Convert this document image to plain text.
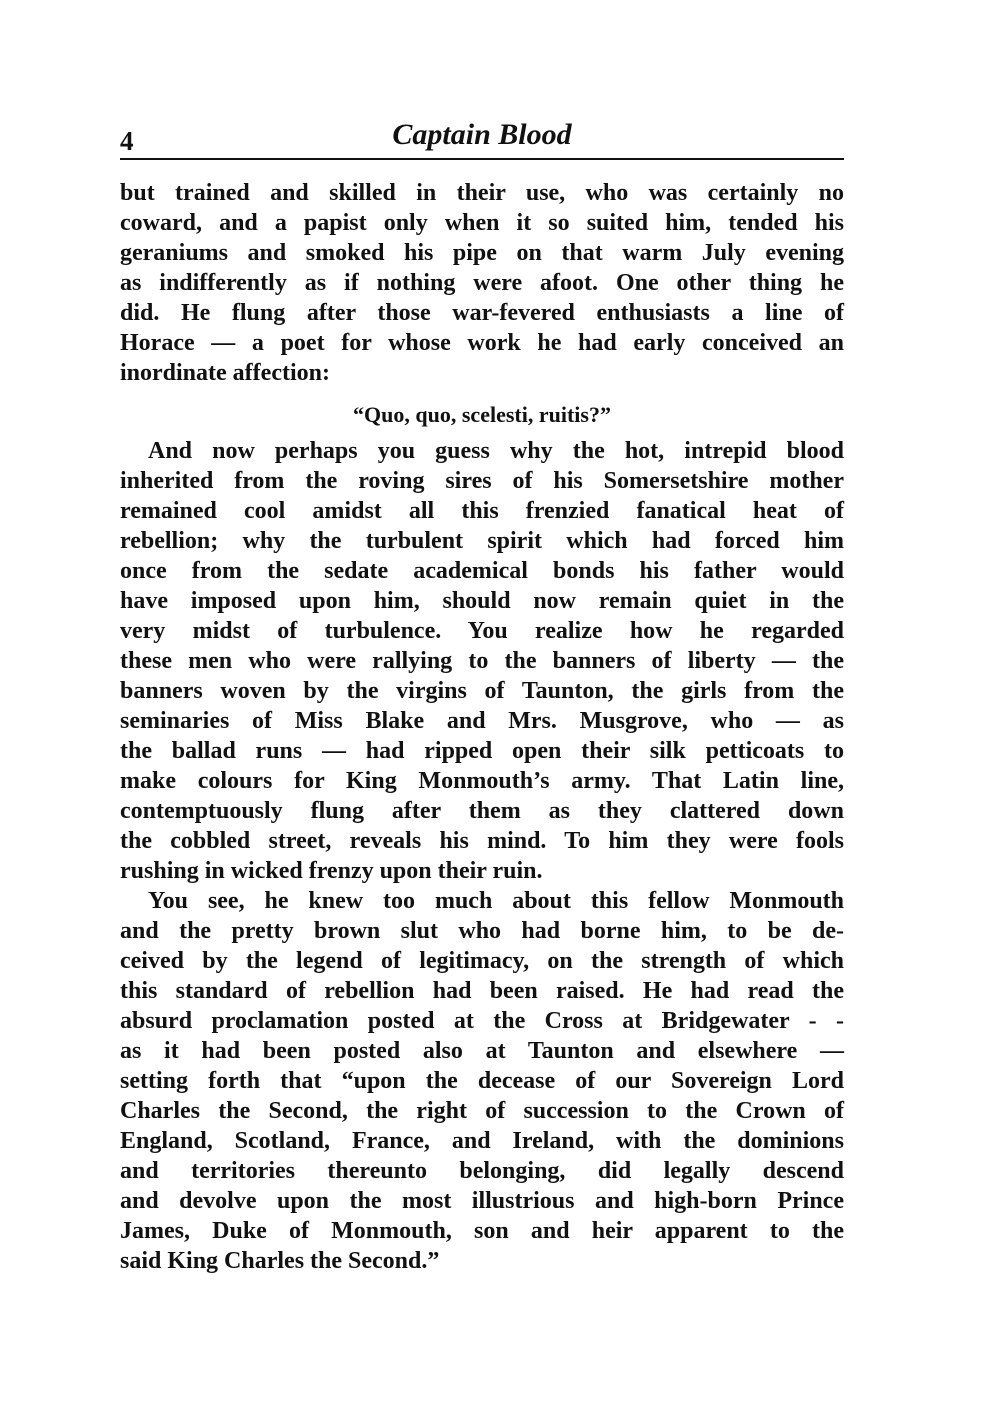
4	Captain Blood
but trained and skilled in their use, who was certainly no
coward, and a papist only when it so suited him, tended his
geraniums and smoked his pipe on that warm July evening
as indifferently as if nothing were afoot. One other thing he
did. He flung after those war-fevered enthusiasts a line of
Horace — a poet for whose work he had early conceived an
inordinate affection:
“Quo, quo, scelesti, ruitis?”
And now perhaps you guess why the hot, intrepid blood
inherited from the roving sires of his Somersetshire mother
remained cool amidst all this frenzied fanatical heat of
rebellion; why the turbulent spirit which had forced him
once from the sedate academical bonds his father would
have imposed upon him, should now remain quiet in the
very midst of turbulence. You realize how he regarded
these men who were rallying to the banners of liberty — the
banners woven by the virgins of Taunton, the girls from the
seminaries of Miss Blake and Mrs. Musgrove, who — as
the ballad runs — had ripped open their silk petticoats to
make colours for King Monmouth’s army. That Latin line,
contemptuously flung after them as they clattered down
the cobbled street, reveals his mind. To him they were fools
rushing in wicked frenzy upon their ruin.
You see, he knew too much about this fellow Monmouth
and the pretty brown slut who had borne him, to be de-
ceived by the legend of legitimacy, on the strength of which
this standard of rebellion had been raised. He had read the
absurd proclamation posted at the Cross at Bridgewater - -
as it had been posted also at Taunton and elsewhere —
setting forth that “upon the decease of our Sovereign Lord
Charles the Second, the right of succession to the Crown of
England, Scotland, France, and Ireland, with the dominions
and territories thereunto belonging, did legally descend
and devolve upon the most illustrious and high-born Prince
James, Duke of Monmouth, son and heir apparent to the
said King Charles the Second.”
